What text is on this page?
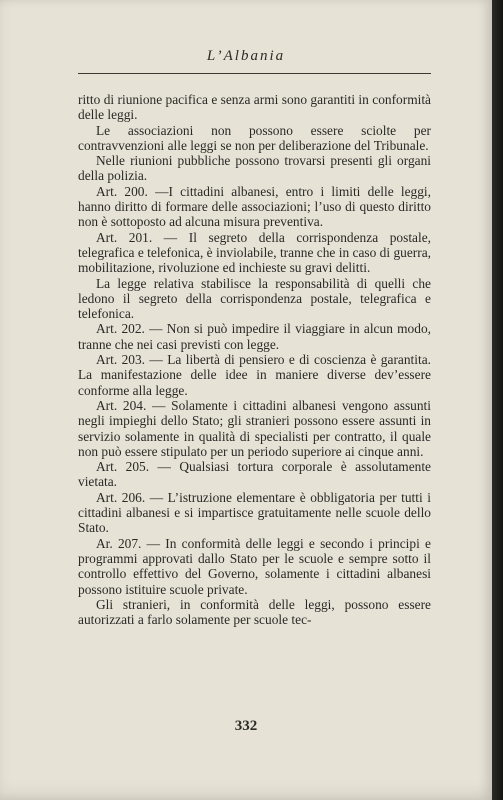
L’Albania

ritto di riunione pacifica e senza armi sono garantiti in conformità delle leggi.

Le associazioni non possono essere sciolte per contravvenzioni alle leggi se non per deliberazione del Tribunale.

Nelle riunioni pubbliche possono trovarsi presenti gli organi della polizia.

Art. 200. —I cittadini albanesi, entro i limiti delle leggi, hanno diritto di formare delle associazioni; l’uso di questo diritto non è sottoposto ad alcuna misura preventiva.

Art. 201. — Il segreto della corrispondenza postale, telegrafica e telefonica, è inviolabile, tranne che in caso di guerra, mobilitazione, rivoluzione ed inchieste su gravi delitti.

La legge relativa stabilisce la responsabilità di quelli che ledono il segreto della corrispondenza postale, telegrafica e telefonica.

Art. 202. — Non si può impedire il viaggiare in alcun modo, tranne che nei casi previsti con legge.

Art. 203. — La libertà di pensiero e di coscienza è garantita. La manifestazione delle idee in maniere diverse dev’essere conforme alla legge.

Art. 204. — Solamente i cittadini albanesi vengono assunti negli impieghi dello Stato; gli stranieri possono essere assunti in servizio solamente in qualità di specialisti per contratto, il quale non può essere stipulato per un periodo superiore ai cinque anni.

Art. 205. — Qualsiasi tortura corporale è assolutamente vietata.

Art. 206. — L’istruzione elementare è obbligatoria per tutti i cittadini albanesi e si impartisce gratuitamente nelle scuole dello Stato.

Ar. 207. — In conformità delle leggi e secondo i principi e programmi approvati dallo Stato per le scuole e sempre sotto il controllo effettivo del Governo, solamente i cittadini albanesi possono istituire scuole private.

Gli stranieri, in conformità delle leggi, possono essere autorizzati a farlo solamente per scuole tec-

332
